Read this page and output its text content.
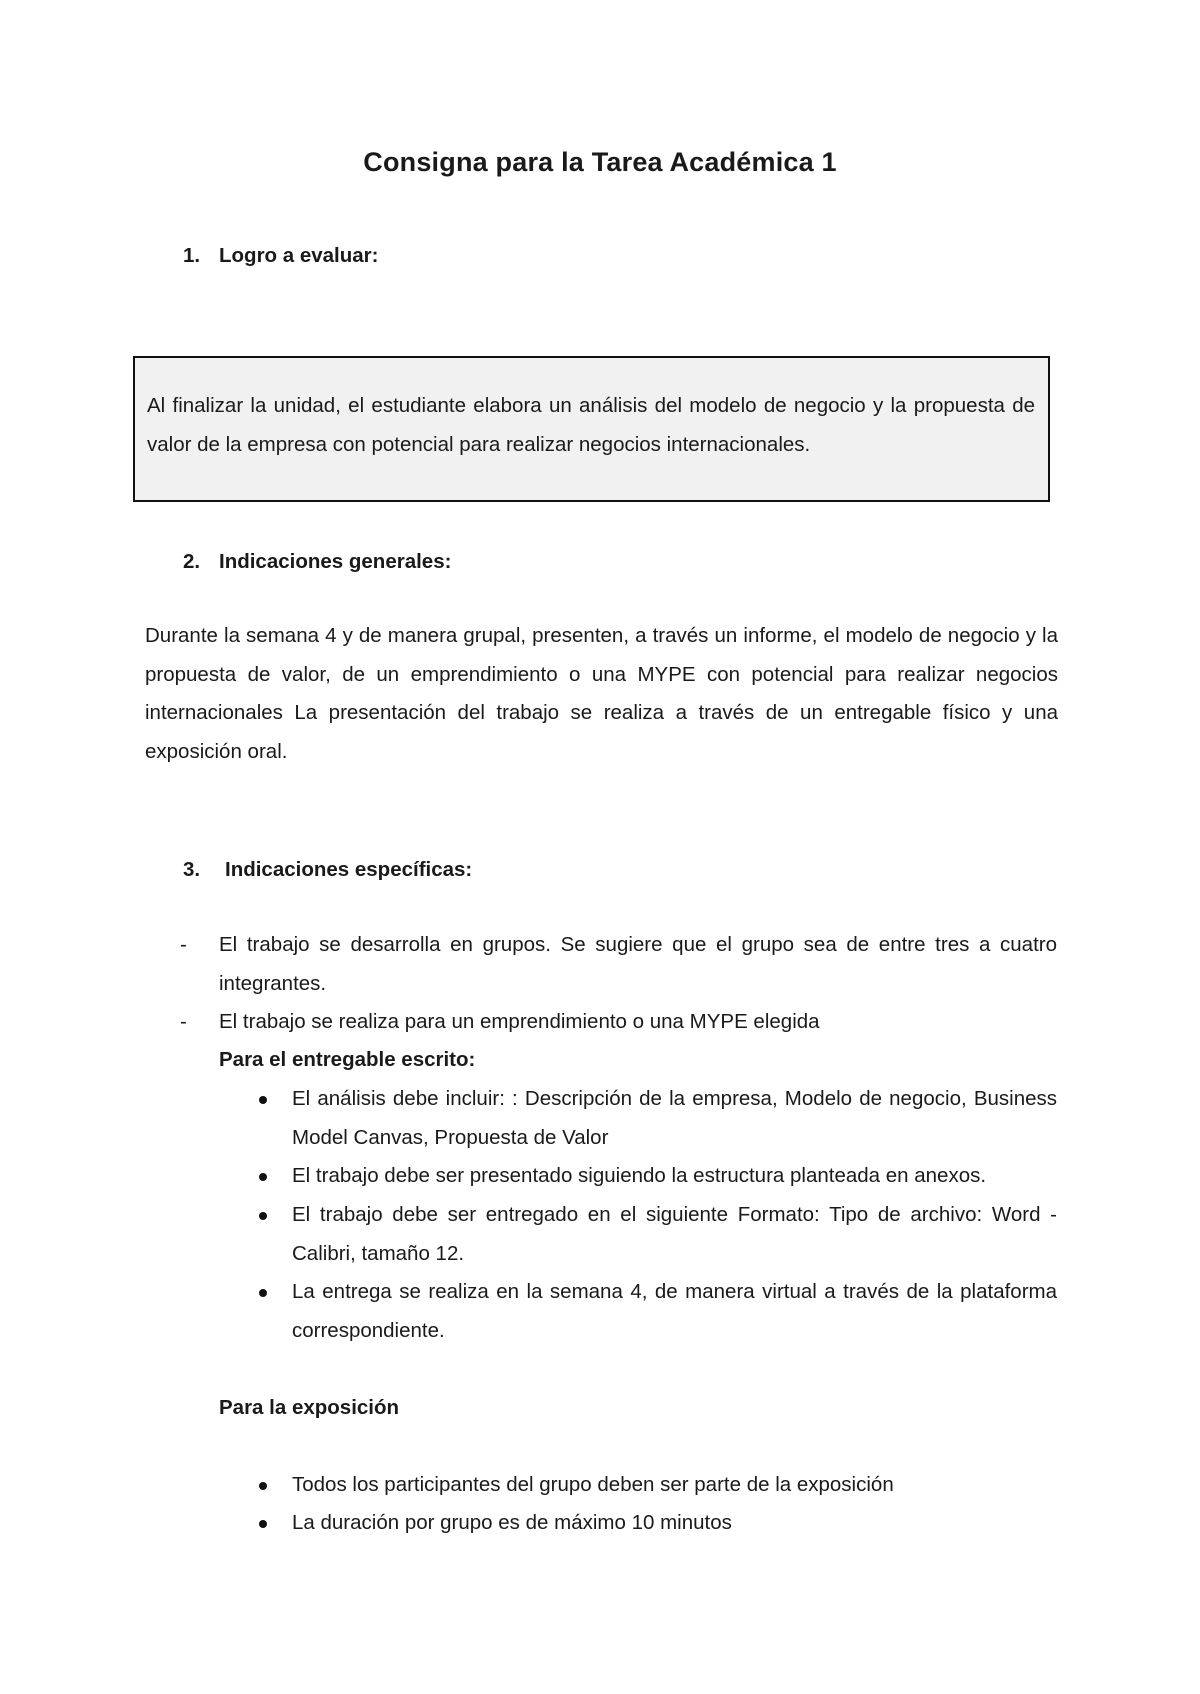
Consigna para la Tarea Académica 1
1. Logro a evaluar:
Al finalizar la unidad, el estudiante elabora un análisis del modelo de negocio y la propuesta de valor de la empresa con potencial para realizar negocios internacionales.
2. Indicaciones generales:
Durante la semana 4 y de manera grupal, presenten, a través un informe, el modelo de negocio y la propuesta de valor, de un emprendimiento o una MYPE con potencial para realizar negocios internacionales La presentación del trabajo se realiza a través de un entregable físico y una exposición oral.
3. Indicaciones específicas:
- El trabajo se desarrolla en grupos. Se sugiere que el grupo sea de entre tres a cuatro integrantes.
- El trabajo se realiza para un emprendimiento o una MYPE elegida
Para el entregable escrito:
El análisis debe incluir: : Descripción de la empresa, Modelo de negocio, Business Model Canvas, Propuesta de Valor
El trabajo debe ser presentado siguiendo la estructura planteada en anexos.
El trabajo debe ser entregado en el siguiente Formato: Tipo de archivo: Word - Calibri, tamaño 12.
La entrega se realiza en la semana 4, de manera virtual a través de la plataforma correspondiente.
Para la exposición
Todos los participantes del grupo deben ser parte de la exposición
La duración por grupo es de máximo 10 minutos
